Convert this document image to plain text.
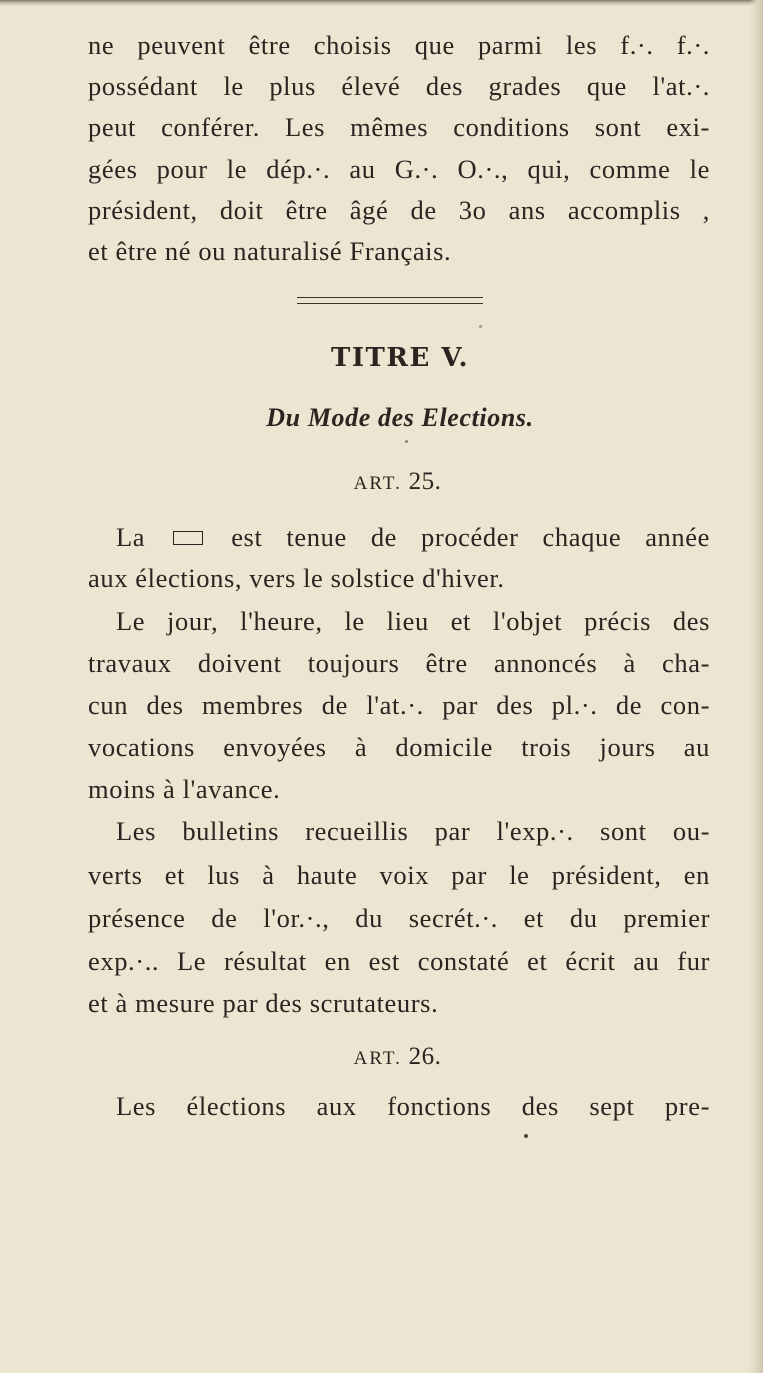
ne peuvent être choisis que parmi les f.·. f.·.

possédant le plus élevé des grades que l'at.·.

peut conférer. Les mêmes conditions sont exi-

gées pour le dép.·. au G.·. O.·., qui, comme le

président, doit être âgé de 3o ans accomplis ,

et être né ou naturalisé Français.

TITRE V.
Du Mode des Elections.
ART. 25.

La	est tenue de procéder chaque année

aux élections, vers le solstice d'hiver.

Le jour, l'heure, le lieu et l'objet précis des

travaux doivent toujours être annoncés à cha-

cun des membres de l'at.·. par des pl.·. de con-

vocations envoyées à domicile trois jours au

moins à l'avance.

Les bulletins recueillis par l'exp.·. sont ou-

verts et lus à haute voix par le président, en

présence de l'or.·., du secrét.·. et du premier

exp.·.. Le résultat en est constaté et écrit au fur

et à mesure par des scrutateurs.

ART. 26.

Les élections aux fonctions des sept pre-
